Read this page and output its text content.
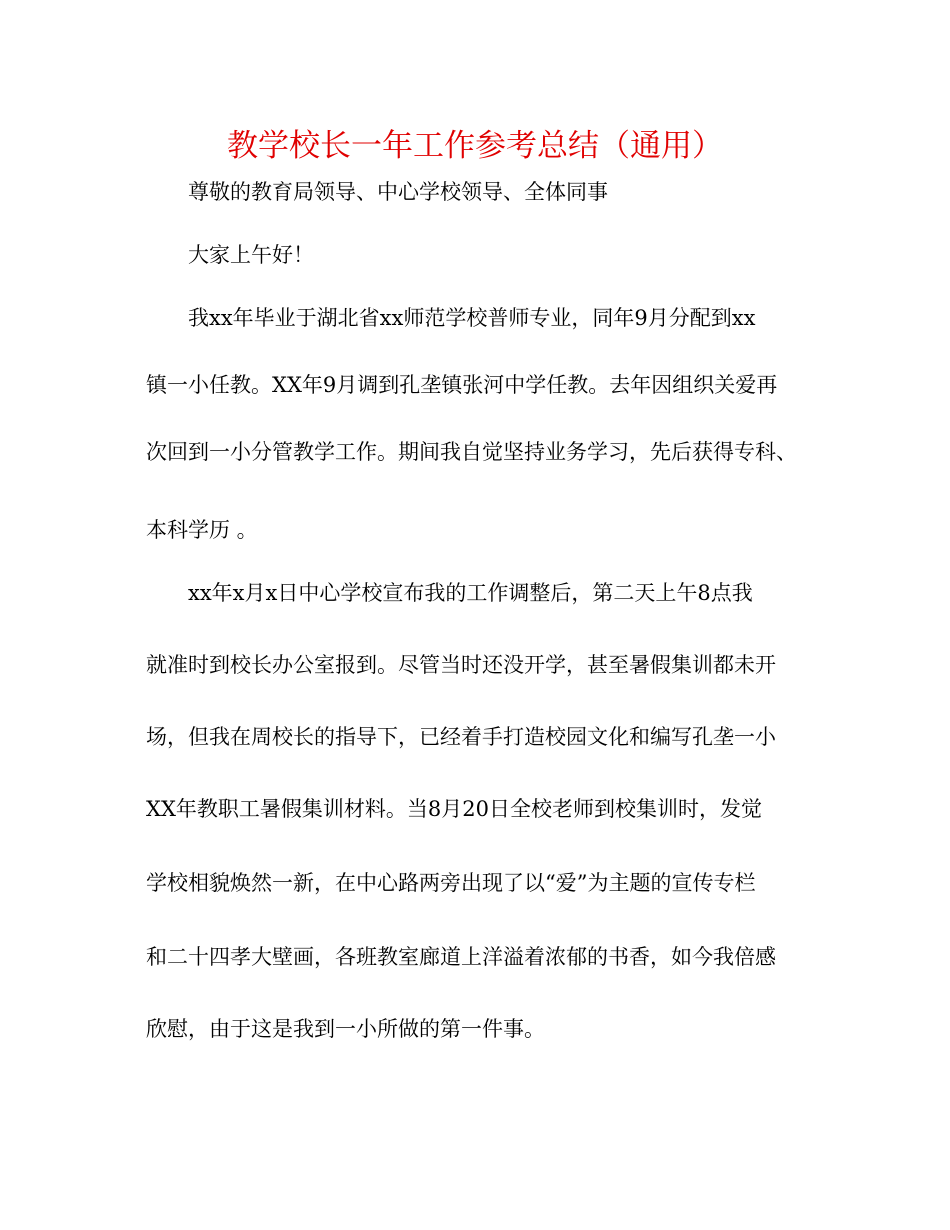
教学校长一年工作参考总结（通用）
尊敬的教育局领导、中心学校领导、全体同事
大家上午好！
我xx年毕业于湖北省xx师范学校普师专业，同年9月分配到xx
镇一小任教。XX年9月调到孔垄镇张河中学任教。去年因组织关爱再
次回到一小分管教学工作。期间我自觉坚持业务学习，先后获得专科、
本科学历 。
xx年x月x日中心学校宣布我的工作调整后，第二天上午8点我
就准时到校长办公室报到。尽管当时还没开学，甚至暑假集训都未开
场，但我在周校长的指导下，已经着手打造校园文化和编写孔垄一小
XX年教职工暑假集训材料。当8月20日全校老师到校集训时，发觉
学校相貌焕然一新，在中心路两旁出现了以“爱”为主题的宣传专栏
和二十四孝大壁画，各班教室廊道上洋溢着浓郁的书香，如今我倍感
欣慰，由于这是我到一小所做的第一件事。
